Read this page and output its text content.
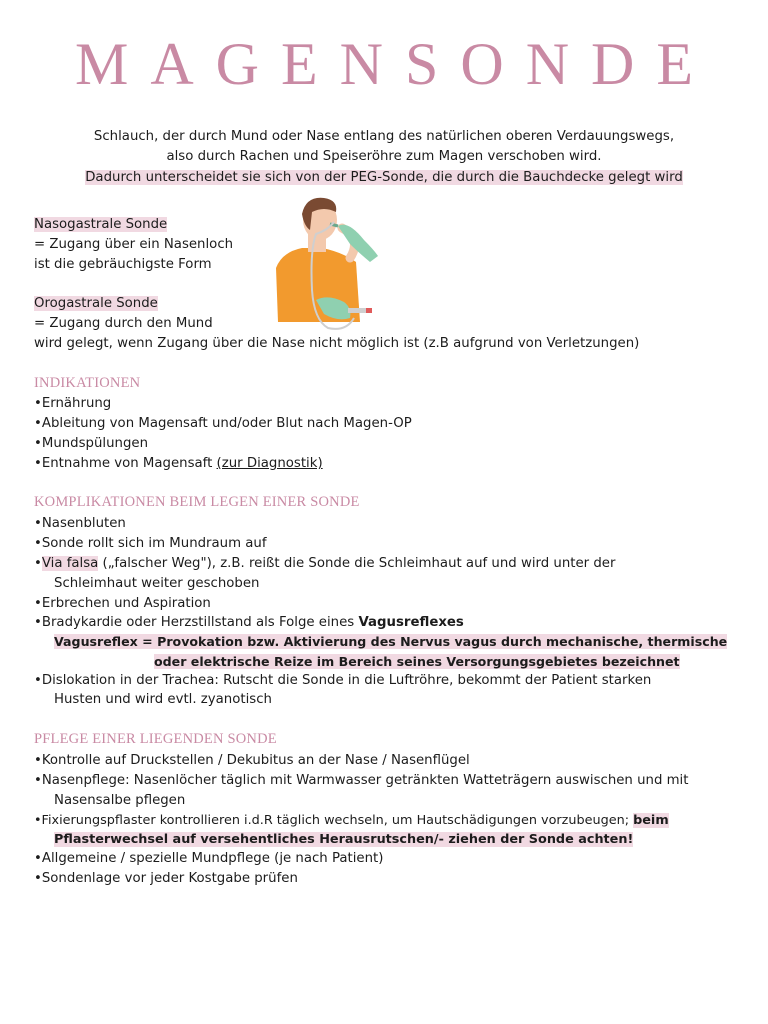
MAGENSONDE
Schlauch, der durch Mund oder Nase entlang des natürlichen oberen Verdauungswegs,
also durch Rachen und Speiseröhre zum Magen verschoben wird.
Dadurch unterscheidet sie sich von der PEG-Sonde, die durch die Bauchdecke gelegt wird
Nasogastrale Sonde
= Zugang über ein Nasenloch
ist die gebräuchigste Form
Orogastrale Sonde
= Zugang durch den Mund
wird gelegt, wenn Zugang über die Nase nicht möglich ist (z.B aufgrund von Verletzungen)
INDIKATIONEN
•Ernährung
•Ableitung von Magensaft und/oder Blut nach Magen-OP
•Mundspülungen
•Entnahme von Magensaft (zur Diagnostik)
KOMPLIKATIONEN BEIM LEGEN EINER SONDE
•Nasenbluten
•Sonde rollt sich im Mundraum auf
•Via falsa („falscher Weg"), z.B. reißt die Sonde die Schleimhaut auf und wird unter der
Schleimhaut weiter geschoben
•Erbrechen und Aspiration
•Bradykardie oder Herzstillstand als Folge eines Vagusreflexes
Vagusreflex = Provokation bzw. Aktivierung des Nervus vagus durch mechanische, thermische
oder elektrische Reize im Bereich seines Versorgungsgebietes bezeichnet
•Dislokation in der Trachea: Rutscht die Sonde in die Luftröhre, bekommt der Patient starken
Husten und wird evtl. zyanotisch
PFLEGE EINER LIEGENDEN SONDE
•Kontrolle auf Druckstellen / Dekubitus an der Nase / Nasenflügel
•Nasenpflege: Nasenlöcher täglich mit Warmwasser getränkten Watteträgern auswischen und mit
Nasensalbe pflegen
•Fixierungspflaster kontrollieren i.d.R täglich wechseln, um Hautschädigungen vorzubeugen; beim
Pflasterwechsel auf versehentliches Herausrutschen/- ziehen der Sonde achten!
•Allgemeine / spezielle Mundpflege (je nach Patient)
•Sondenlage vor jeder Kostgabe prüfen
